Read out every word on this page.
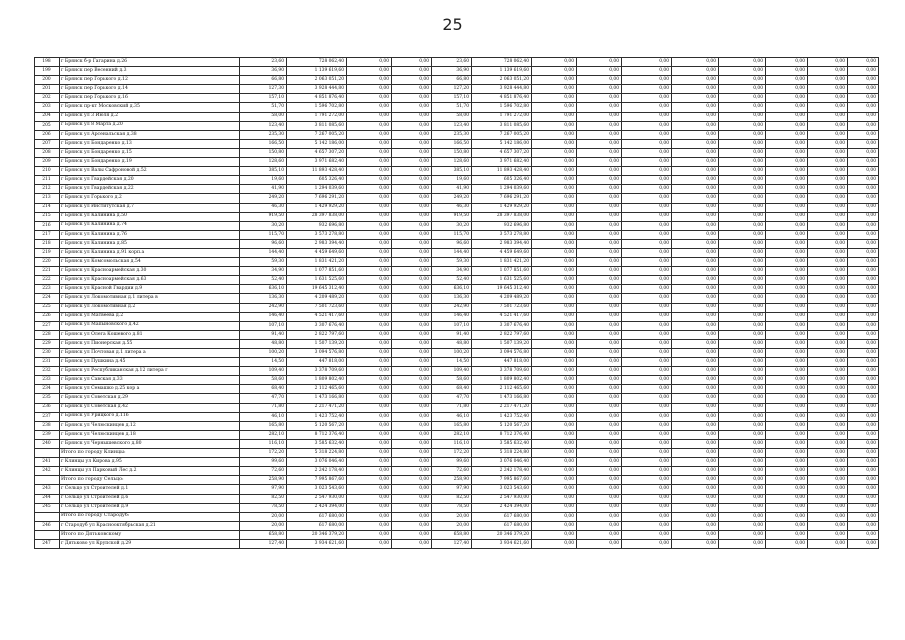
25
198	г Брянск б-р Гагарина д.26	23,60	728 062,40	0,00	0,00	23,60	728 062,40	0,00	0,00	0,00	0,00	0,00	0,00	0,00	0,00
199	г Брянск пер Весенний д.3	36,90	1 139 619,60	0,00	0,00	36,90	1 139 619,60	0,00	0,00	0,00	0,00	0,00	0,00	0,00	0,00
200	г Брянск пер Горького д.12	66,80	2 063 051,20	0,00	0,00	66,80	2 063 051,20	0,00	0,00	0,00	0,00	0,00	0,00	0,00	0,00
201	г Брянск пер Горького д.14	127,30	3 928 444,80	0,00	0,00	127,20	3 928 444,80	0,00	0,00	0,00	0,00	0,00	0,00	0,00	0,00
202	г Брянск пер Горького д.16	157,10	4 851 876,40	0,00	0,00	157,10	4 851 876,40	0,00	0,00	0,00	0,00	0,00	0,00	0,00	0,00
203	г Брянск пр-кт Московский д.35	51,70	1 596 702,80	0,00	0,00	51,70	1 596 702,80	0,00	0,00	0,00	0,00	0,00	0,00	0,00	0,00
204	г Брянск ул 3 Июля д.2	58,00	1 791 272,00	0,00	0,00	58,00	1 791 272,00	0,00	0,00	0,00	0,00	0,00	0,00	0,00	0,00
205	г Брянск ул 8 Марта д.20	123,40	3 811 085,60	0,00	0,00	123,40	3 811 085,60	0,00	0,00	0,00	0,00	0,00	0,00	0,00	0,00
206	г Брянск ул Арсенальская д.38	235,30	7 267 005,20	0,00	0,00	235,30	7 267 005,20	0,00	0,00	0,00	0,00	0,00	0,00	0,00	0,00
207	г Брянск ул Бондаренко д.13	166,50	5 142 186,00	0,00	0,00	166,50	5 142 186,00	0,00	0,00	0,00	0,00	0,00	0,00	0,00	0,00
208	г Брянск ул Бондаренко д.15	150,80	4 657 307,20	0,00	0,00	150,80	4 657 307,20	0,00	0,00	0,00	0,00	0,00	0,00	0,00	0,00
209	г Брянск ул Бондаренко д.19	128,60	3 971 682,40	0,00	0,00	128,60	3 971 682,40	0,00	0,00	0,00	0,00	0,00	0,00	0,00	0,00
210	г Брянск ул Валы Сафроновой д.52	385,10	11 893 428,40	0,00	0,00	385,10	11 893 428,40	0,00	0,00	0,00	0,00	0,00	0,00	0,00	0,00
211	г Брянск ул Гвардейская д.20	19,60	605 326,40	0,00	0,00	19,60	605 326,40	0,00	0,00	0,00	0,00	0,00	0,00	0,00	0,00
212	г Брянск ул Гвардейская д.22	41,90	1 294 039,60	0,00	0,00	41,90	1 294 039,60	0,00	0,00	0,00	0,00	0,00	0,00	0,00	0,00
213	г Брянск ул Горького д.2	249,20	7 696 291,20	0,00	0,00	249,20	7 696 291,20	0,00	0,00	0,00	0,00	0,00	0,00	0,00	0,00
214	г Брянск ул Институтская д.7	46,30	1 429 929,20	0,00	0,00	46,30	1 429 929,20	0,00	0,00	0,00	0,00	0,00	0,00	0,00	0,00
215	г Брянск ул Калинина д.50	919,50	28 397 838,00	0,00	0,00	919,50	28 397 838,00	0,00	0,00	0,00	0,00	0,00	0,00	0,00	0,00
216	г Брянск ул Калинина д.74	30,20	932 696,80	0,00	0,00	30,20	932 696,80	0,00	0,00	0,00	0,00	0,00	0,00	0,00	0,00
217	г Брянск ул Калинина д.76	115,70	3 573 278,80	0,00	0,00	115,70	3 573 278,80	0,00	0,00	0,00	0,00	0,00	0,00	0,00	0,00
218	г Брянск ул Калинина д.85	96,60	2 983 394,40	0,00	0,00	96,60	2 983 394,40	0,00	0,00	0,00	0,00	0,00	0,00	0,00	0,00
219	г Брянск ул Калинина д.91 корп.а	144,40	4 459 649,60	0,00	0,00	144,40	4 459 649,60	0,00	0,00	0,00	0,00	0,00	0,00	0,00	0,00
220	г Брянск ул Комсомольская д.54	59,30	1 831 421,20	0,00	0,00	59,30	1 831 421,20	0,00	0,00	0,00	0,00	0,00	0,00	0,00	0,00
221	г Брянск ул Красноармейская д.30	34,90	1 077 851,60	0,00	0,00	34,90	1 077 851,60	0,00	0,00	0,00	0,00	0,00	0,00	0,00	0,00
222	г Брянск ул Красноармейская д.63	52,40	1 631 525,60	0,00	0,00	52,40	1 631 525,60	0,00	0,00	0,00	0,00	0,00	0,00	0,00	0,00
223	г Брянск ул Красной Гвардии д.9	636,10	19 645 312,40	0,00	0,00	636,10	19 645 312,40	0,00	0,00	0,00	0,00	0,00	0,00	0,00	0,00
224	г Брянск ул Локомотивная д.1 литера в	136,30	4 209 489,20	0,00	0,00	136,30	4 209 489,20	0,00	0,00	0,00	0,00	0,00	0,00	0,00	0,00
225	г Брянск ул Локомотивная д.2	242,90	7 501 723,60	0,00	0,00	242,90	7 501 723,60	0,00	0,00	0,00	0,00	0,00	0,00	0,00	0,00
226	г Брянск ул Матвеева д.2	146,40	4 521 417,60	0,00	0,00	146,40	4 521 417,60	0,00	0,00	0,00	0,00	0,00	0,00	0,00	0,00
227	г Брянск ул Мапыновского д.42	107,10	3 307 676,40	0,00	0,00	107,10	3 307 676,40	0,00	0,00	0,00	0,00	0,00	0,00	0,00	0,00
228	г Брянск ул Олега Кошевого д.81	91,40	2 822 797,60	0,00	0,00	91,40	2 822 797,60	0,00	0,00	0,00	0,00	0,00	0,00	0,00	0,00
229	г Брянск ул Пионерская д.55	48,80	1 507 139,20	0,00	0,00	48,80	1 507 139,20	0,00	0,00	0,00	0,00	0,00	0,00	0,00	0,00
230	г Брянск ул Почтовая д.1 литера а	100,20	3 094 576,80	0,00	0,00	100,20	3 094 576,80	0,00	0,00	0,00	0,00	0,00	0,00	0,00	0,00
231	г Брянск ул Пушкина д.45	14,50	447 818,00	0,00	0,00	14,50	447 818,00	0,00	0,00	0,00	0,00	0,00	0,00	0,00	0,00
232	г Брянск ул Республиканская д.12 литера г	109,40	3 378 709,60	0,00	0,00	109,40	3 378 709,60	0,00	0,00	0,00	0,00	0,00	0,00	0,00	0,00
233	г Брянск ул Савская д.33	58,60	1 809 802,40	0,00	0,00	58,60	1 809 802,40	0,00	0,00	0,00	0,00	0,00	0,00	0,00	0,00
234	г Брянск ул Семашко д.25 кор а	68,40	2 112 465,60	0,00	0,00	68,40	2 112 465,60	0,00	0,00	0,00	0,00	0,00	0,00	0,00	0,00
235	г Брянск ул Советская д.29	47,70	1 473 166,80	0,00	0,00	47,70	1 473 166,80	0,00	0,00	0,00	0,00	0,00	0,00	0,00	0,00
236	г Брянск ул Советская д.42	71,80	2 217 471,20	0,00	0,00	71,80	2 217 471,20	0,00	0,00	0,00	0,00	0,00	0,00	0,00	0,00
237	г Брянск ул Урицкого д.116	46,10	1 423 752,40	0,00	0,00	46,10	1 423 752,40	0,00	0,00	0,00	0,00	0,00	0,00	0,00	0,00
238	г Брянск ул Челюскинцев д.12	165,80	5 120 567,20	0,00	0,00	165,80	5 120 567,20	0,00	0,00	0,00	0,00	0,00	0,00	0,00	0,00
239	г Брянск ул Челюскинцев д.18	282,10	8 712 376,40	0,00	0,00	282,10	8 712 376,40	0,00	0,00	0,00	0,00	0,00	0,00	0,00	0,00
240	г Брянск ул Чернышевского д.80	116,10	3 585 632,40	0,00	0,00	116,10	3 585 632,40	0,00	0,00	0,00	0,00	0,00	0,00	0,00	0,00
	Итого по городу Клинцы:	172,20	5 318 224,80	0,00	0,00	172,20	5 318 224,80	0,00	0,00	0,00	0,00	0,00	0,00	0,00	0,00
241	г Клинцы ул Кирова д.95	99,60	3 076 046,40	0,00	0,00	99,60	3 076 046,40	0,00	0,00	0,00	0,00	0,00	0,00	0,00	0,00
242	г Клинцы ул Парковый Лес д.2	72,60	2 242 178,40	0,00	0,00	72,60	2 242 178,40	0,00	0,00	0,00	0,00	0,00	0,00	0,00	0,00
	Итого по городу Сельцо:	258,90	7 995 867,60	0,00	0,00	258,90	7 995 867,60	0,00	0,00	0,00	0,00	0,00	0,00	0,00	0,00
243	г Сельцо ул Строителей д.1	97,90	3 023 543,60	0,00	0,00	97,90	3 023 543,60	0,00	0,00	0,00	0,00	0,00	0,00	0,00	0,00
244	г Сельцо ул Строителей д.6	82,50	2 547 930,00	0,00	0,00	82,50	2 547 930,00	0,00	0,00	0,00	0,00	0,00	0,00	0,00	0,00
245	г Сельцо ул Строителей д.9	78,50	2 424 394,00	0,00	0,00	78,50	2 424 394,00	0,00	0,00	0,00	0,00	0,00	0,00	0,00	0,00
	Итого по городу Стародуб:	20,00	617 680,00	0,00	0,00	20,00	617 680,00	0,00	0,00	0,00	0,00	0,00	0,00	0,00	0,00
246	г Стародуб ул Краснооктябрьская д.21	20,00	617 680,00	0,00	0,00	20,00	617 680,00	0,00	0,00	0,00	0,00	0,00	0,00	0,00	0,00
	Итого по Дятьковскому	658,80	20 346 379,20	0,00	0,00	658,80	20 346 379,20	0,00	0,00	0,00	0,00	0,00	0,00	0,00	0,00
247	г Дятьково ул Крупской д.29	127,40	3 934 621,60	0,00	0,00	127,40	3 934 621,60	0,00	0,00	0,00	0,00	0,00	0,00	0,00	0,00
